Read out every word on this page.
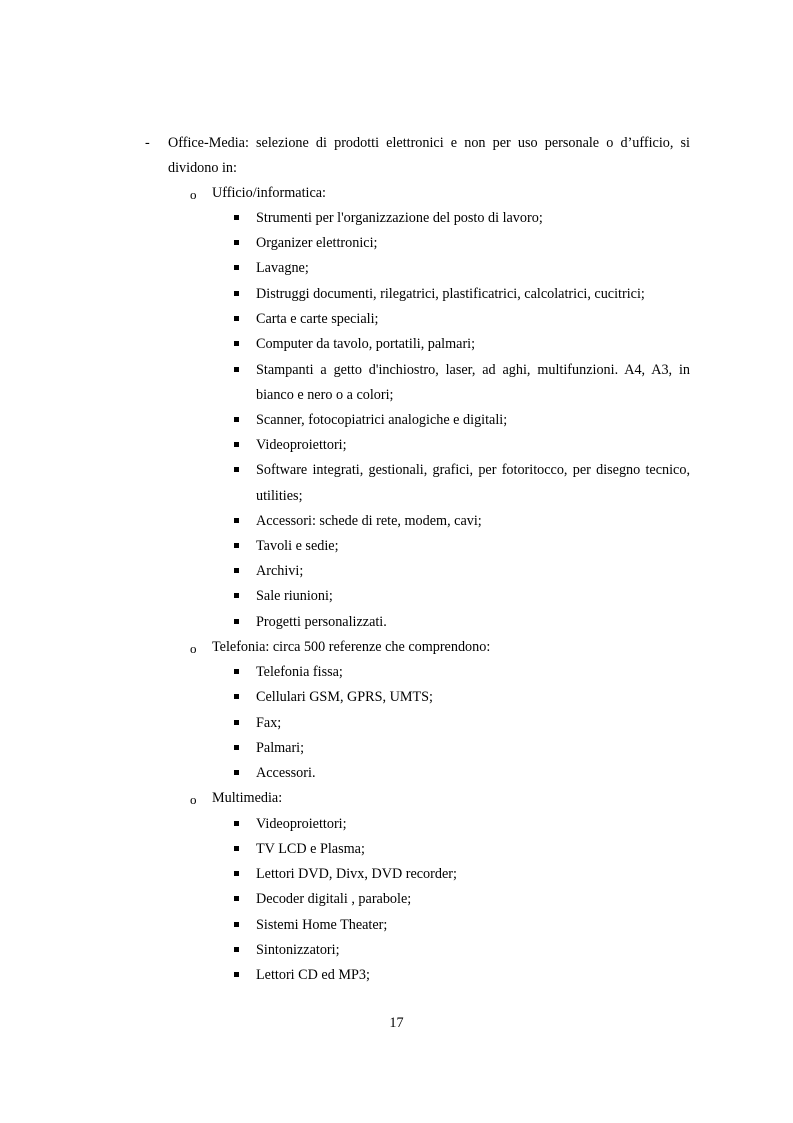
- Office-Media: selezione di prodotti elettronici e non per uso personale o d’ufficio, si
dividono in:
o Ufficio/informatica:
Strumenti per l'organizzazione del posto di lavoro;
Organizer elettronici;
Lavagne;
Distruggi documenti, rilegatrici, plastificatrici, calcolatrici, cucitrici;
Carta e carte speciali;
Computer da tavolo, portatili, palmari;
Stampanti a getto d'inchiostro, laser, ad aghi, multifunzioni. A4, A3, in
bianco e nero o a colori;
Scanner, fotocopiatrici analogiche e digitali;
Videoproiettori;
Software integrati, gestionali, grafici, per fotoritocco, per disegno tecnico,
utilities;
Accessori: schede di rete, modem, cavi;
Tavoli e sedie;
Archivi;
Sale riunioni;
Progetti personalizzati.
o Telefonia: circa 500 referenze che comprendono:
Telefonia fissa;
Cellulari GSM, GPRS, UMTS;
Fax;
Palmari;
Accessori.
o Multimedia:
Videoproiettori;
TV LCD e Plasma;
Lettori DVD, Divx, DVD recorder;
Decoder digitali , parabole;
Sistemi Home Theater;
Sintonizzatori;
Lettori CD ed MP3;
17
